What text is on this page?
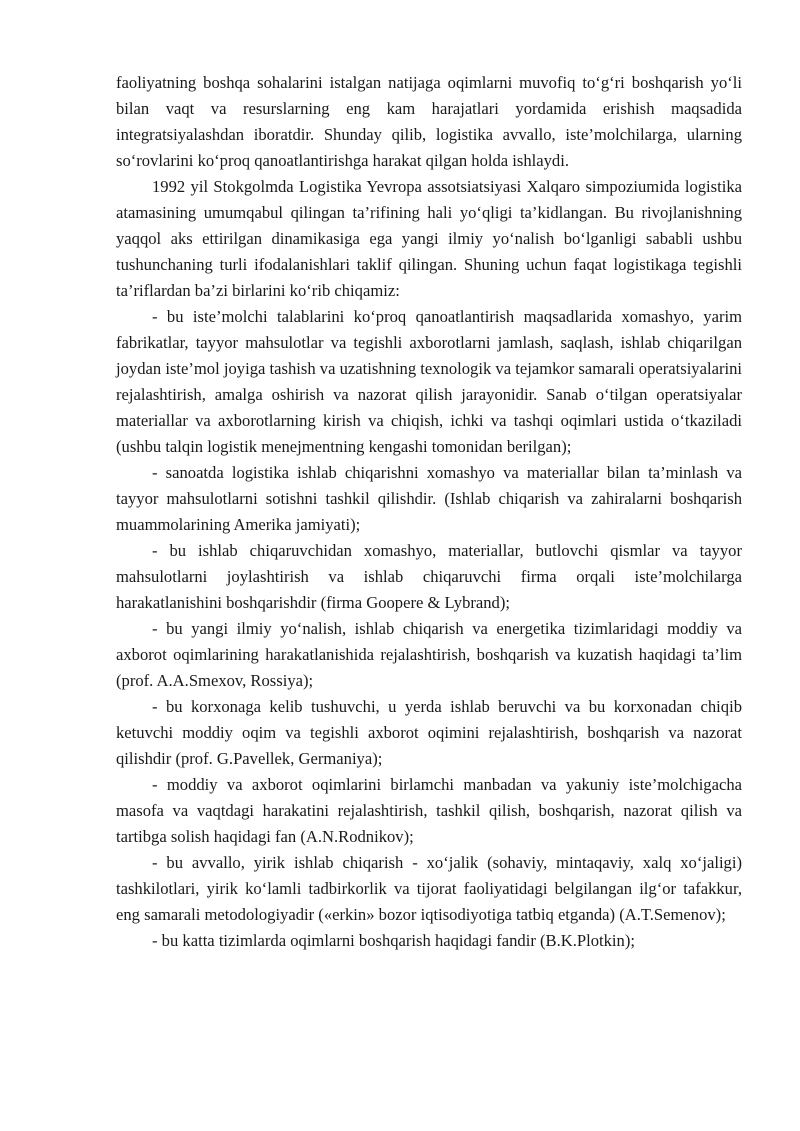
faoliyatning boshqa sohalarini istalgan natijaga oqimlarni muvofiq to‘g‘ri boshqarish yo‘li bilan vaqt va resurslarning eng kam harajatlari yordamida erishish maqsadida integratsiyalashdan iboratdir. Shunday qilib, logistika avvallo, iste’molchilarga, ularning so‘rovlarini ko‘proq qanoatlantirishga harakat qilgan holda ishlaydi.

1992 yil Stokgolmda Logistika Yevropa assotsiatsiyasi Xalqaro simpoziumida logistika atamasining umumqabul qilingan ta’rifining hali yo‘qligi ta’kidlangan. Bu rivojlanishning yaqqol aks ettirilgan dinamikasiga ega yangi ilmiy yo‘nalish bo‘lganligi sababli ushbu tushunchaning turli ifodalanishlari taklif qilingan. Shuning uchun faqat logistikaga tegishli ta’riflardan ba’zi birlarini ko‘rib chiqamiz:

- bu iste’molchi talablarini ko‘proq qanoatlantirish maqsadlarida xomashyo, yarim fabrikatlar, tayyor mahsulotlar va tegishli axborotlarni jamlash, saqlash, ishlab chiqarilgan joydan iste’mol joyiga tashish va uzatishning texnologik va tejamkor samarali operatsiyalarini rejalashtirish, amalga oshirish va nazorat qilish jarayonidir. Sanab o‘tilgan operatsiyalar materiallar va axborotlarning kirish va chiqish, ichki va tashqi oqimlari ustida o‘tkaziladi (ushbu talqin logistik menejmentning kengashi tomonidan berilgan);

- sanoatda logistika ishlab chiqarishni xomashyo va materiallar bilan ta’minlash va tayyor mahsulotlarni sotishni tashkil qilishdir. (Ishlab chiqarish va zahiralarni boshqarish muammolarining Amerika jamiyati);

- bu ishlab chiqaruvchidan xomashyo, materiallar, butlovchi qismlar va tayyor mahsulotlarni joylashtirish va ishlab chiqaruvchi firma orqali iste’molchilarga harakatlanishini boshqarishdir (firma Goopere & Lybrand);

- bu yangi ilmiy yo‘nalish, ishlab chiqarish va energetika tizimlaridagi moddiy va axborot oqimlarining harakatlanishida rejalashtirish, boshqarish va kuzatish haqidagi ta’lim (prof. A.A.Smexov, Rossiya);

- bu korxonaga kelib tushuvchi, u yerda ishlab beruvchi va bu korxonadan chiqib ketuvchi moddiy oqim va tegishli axborot oqimini rejalashtirish, boshqarish va nazorat qilishdir (prof. G.Pavellek, Germaniya);

- moddiy va axborot oqimlarini birlamchi manbadan va yakuniy iste’molchigacha masofa va vaqtdagi harakatini rejalashtirish, tashkil qilish, boshqarish, nazorat qilish va tartibga solish haqidagi fan (A.N.Rodnikov);

- bu avvallo, yirik ishlab chiqarish - xo‘jalik (sohaviy, mintaqaviy, xalq xo‘jaligi) tashkilotlari, yirik ko‘lamli tadbirkorlik va tijorat faoliyatidagi belgilangan ilg‘or tafakkur, eng samarali metodologiyadir («erkin» bozor iqtisodiyotiga tatbiq etganda) (A.T.Semenov);

- bu katta tizimlarda oqimlarni boshqarish haqidagi fandir (B.K.Plotkin);
